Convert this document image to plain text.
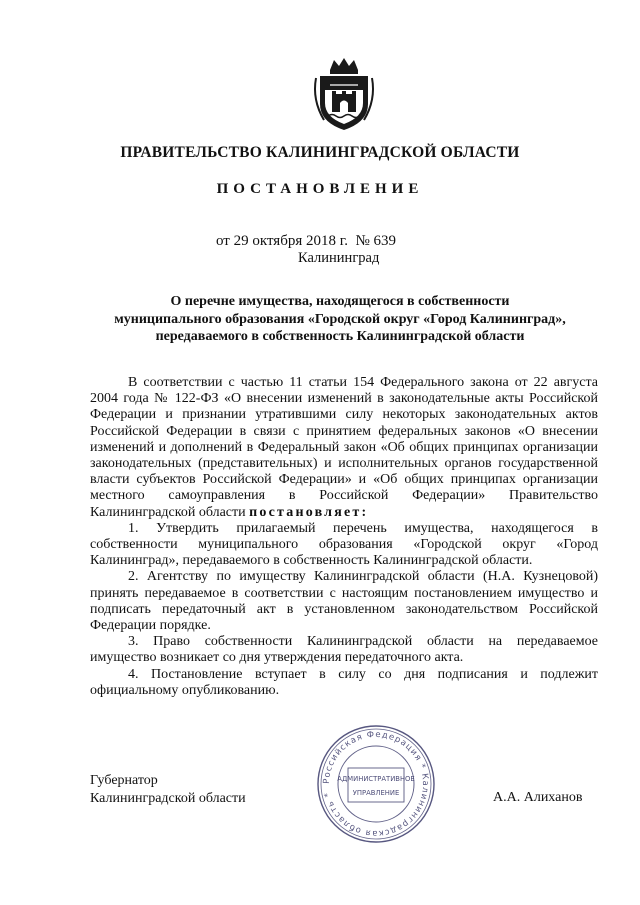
ПРАВИТЕЛЬСТВО КАЛИНИНГРАДСКОЙ ОБЛАСТИ
ПОСТАНОВЛЕНИЕ
от 29 октября 2018 г.  № 639
Калининград
О перечне имущества, находящегося в собственности
муниципального образования «Городской округ «Город Калининград»,
передаваемого в собственность Калининградской области

В соответствии с частью 11 статьи 154 Федерального закона от 22 августа 2004 года № 122-ФЗ «О внесении изменений в законодательные акты Российской Федерации и признании утратившими силу некоторых законодательных актов Российской Федерации в связи с принятием федеральных законов «О внесении изменений и дополнений в Федеральный закон «Об общих принципах организации законодательных (представительных) и исполнительных органов государственной власти субъектов Российской Федерации» и «Об общих принципах организации местного самоуправления в Российской Федерации» Правительство Калининградской области постановляет:

1. Утвердить прилагаемый перечень имущества, находящегося в собственности муниципального образования «Городской округ «Город Калининград», передаваемого в собственность Калининградской области.

2. Агентству по имуществу Калининградской области (Н.А. Кузнецовой) принять передаваемое в соответствии с настоящим постановлением имущество и подписать передаточный акт в установленном законодательством Российской Федерации порядке.

3. Право собственности Калининградской области на передаваемое имущество возникает со дня утверждения передаточного акта.

4. Постановление вступает в силу со дня подписания и подлежит официальному опубликованию.

Губернатор
Калининградской области	А.А. Алиханов
Российская Федерация * Калининградская область *
АДМИНИСТРАТИВНОЕ
УПРАВЛЕНИЕ
